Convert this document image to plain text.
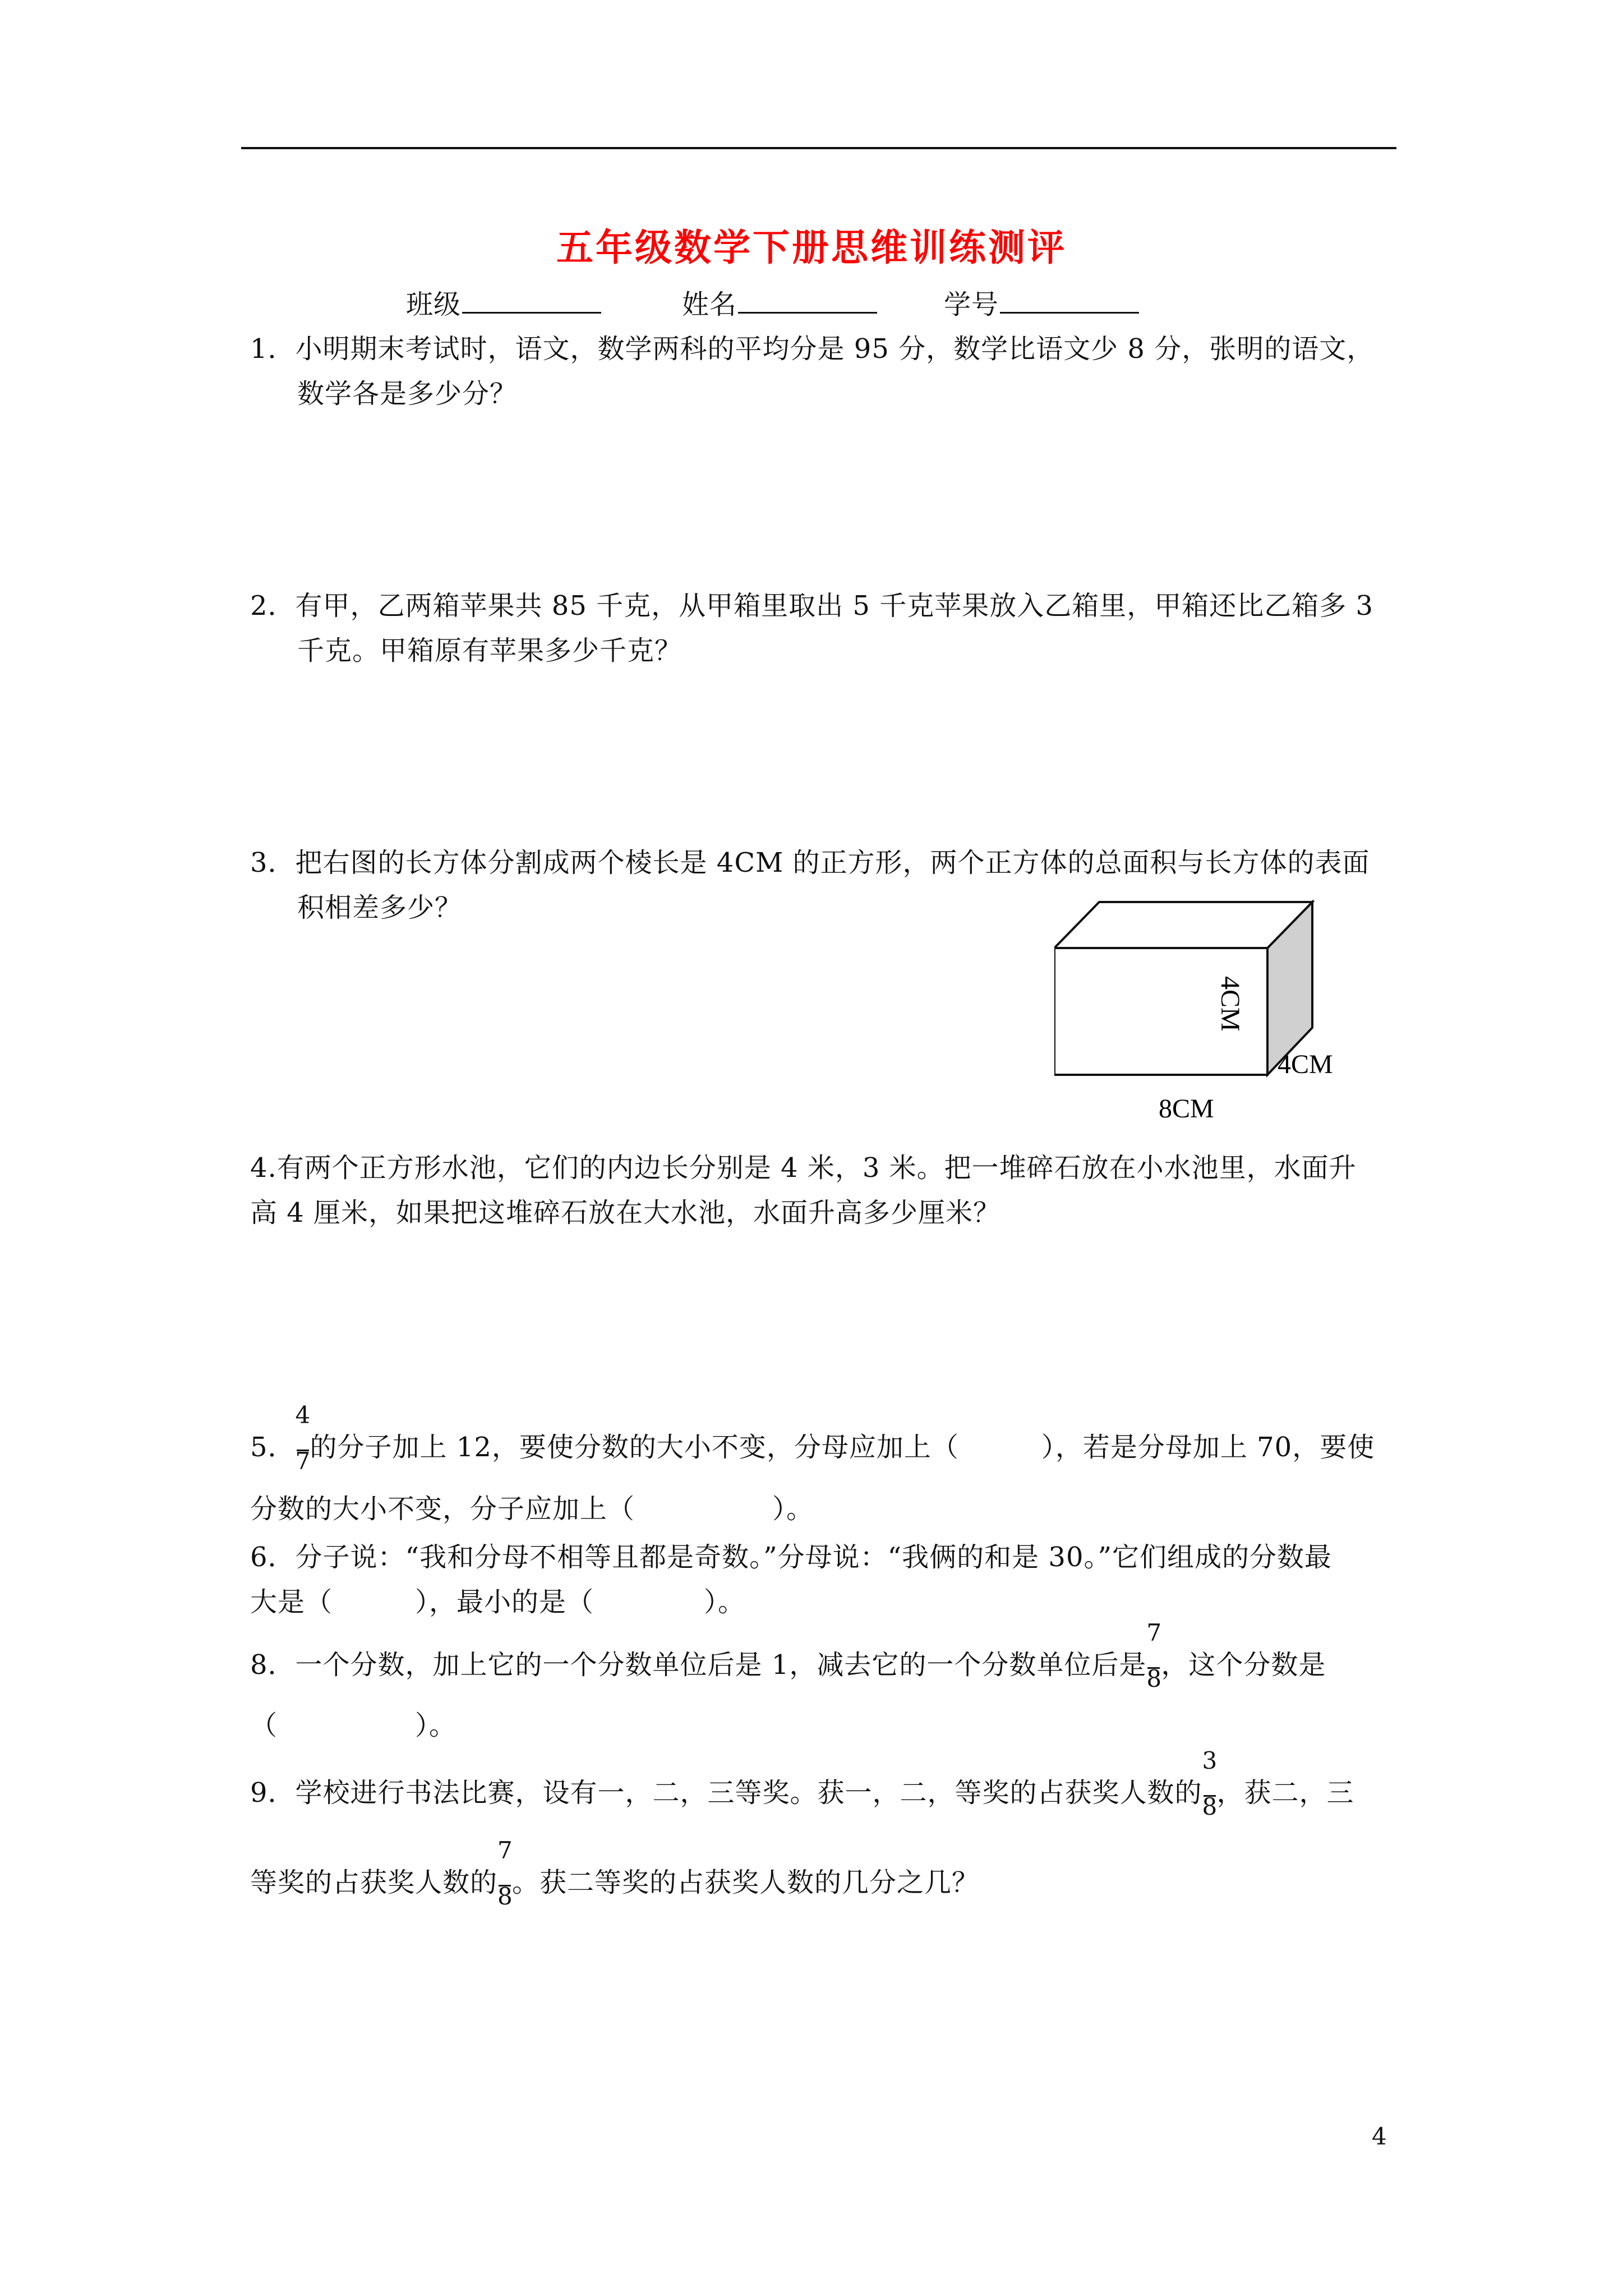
五年级数学下册思维训练测评
班级	姓名	学号
1．小明期末考试时，语文，数学两科的平均分是 95 分，数学比语文少 8 分，张明的语文，
数学各是多少分？
2．有甲，乙两箱苹果共 85 千克，从甲箱里取出 5 千克苹果放入乙箱里，甲箱还比乙箱多 3
千克。甲箱原有苹果多少千克？
3．把右图的长方体分割成两个棱长是 4CM 的正方形，两个正方体的总面积与长方体的表面
积相差多少？
4CM
4CM
8CM
4.有两个正方形水池，它们的内边长分别是 4 米，3 米。把一堆碎石放在小水池里，水面升
高 4 厘米，如果把这堆碎石放在大水池，水面升高多少厘米？
5． $\frac{4}{7}$ 的分子加上 12，要使分数的大小不变，分母应加上（　　　），若是分母加上 70，要使
分数的大小不变，分子应加上（　　　　　）。
6．分子说：“我和分母不相等且都是奇数。”分母说：“我俩的和是 30。”它们组成的分数最
大是（　　　），最小的是（　　　　）。
8．一个分数，加上它的一个分数单位后是 1，减去它的一个分数单位后是 $\frac{7}{8}$ ，这个分数是
（　　　　　）。
9．学校进行书法比赛，设有一，二，三等奖。获一，二，等奖的占获奖人数的 $\frac{3}{8}$ ，获二，三
等奖的占获奖人数的 $\frac{7}{8}$ 。获二等奖的占获奖人数的几分之几？
4
